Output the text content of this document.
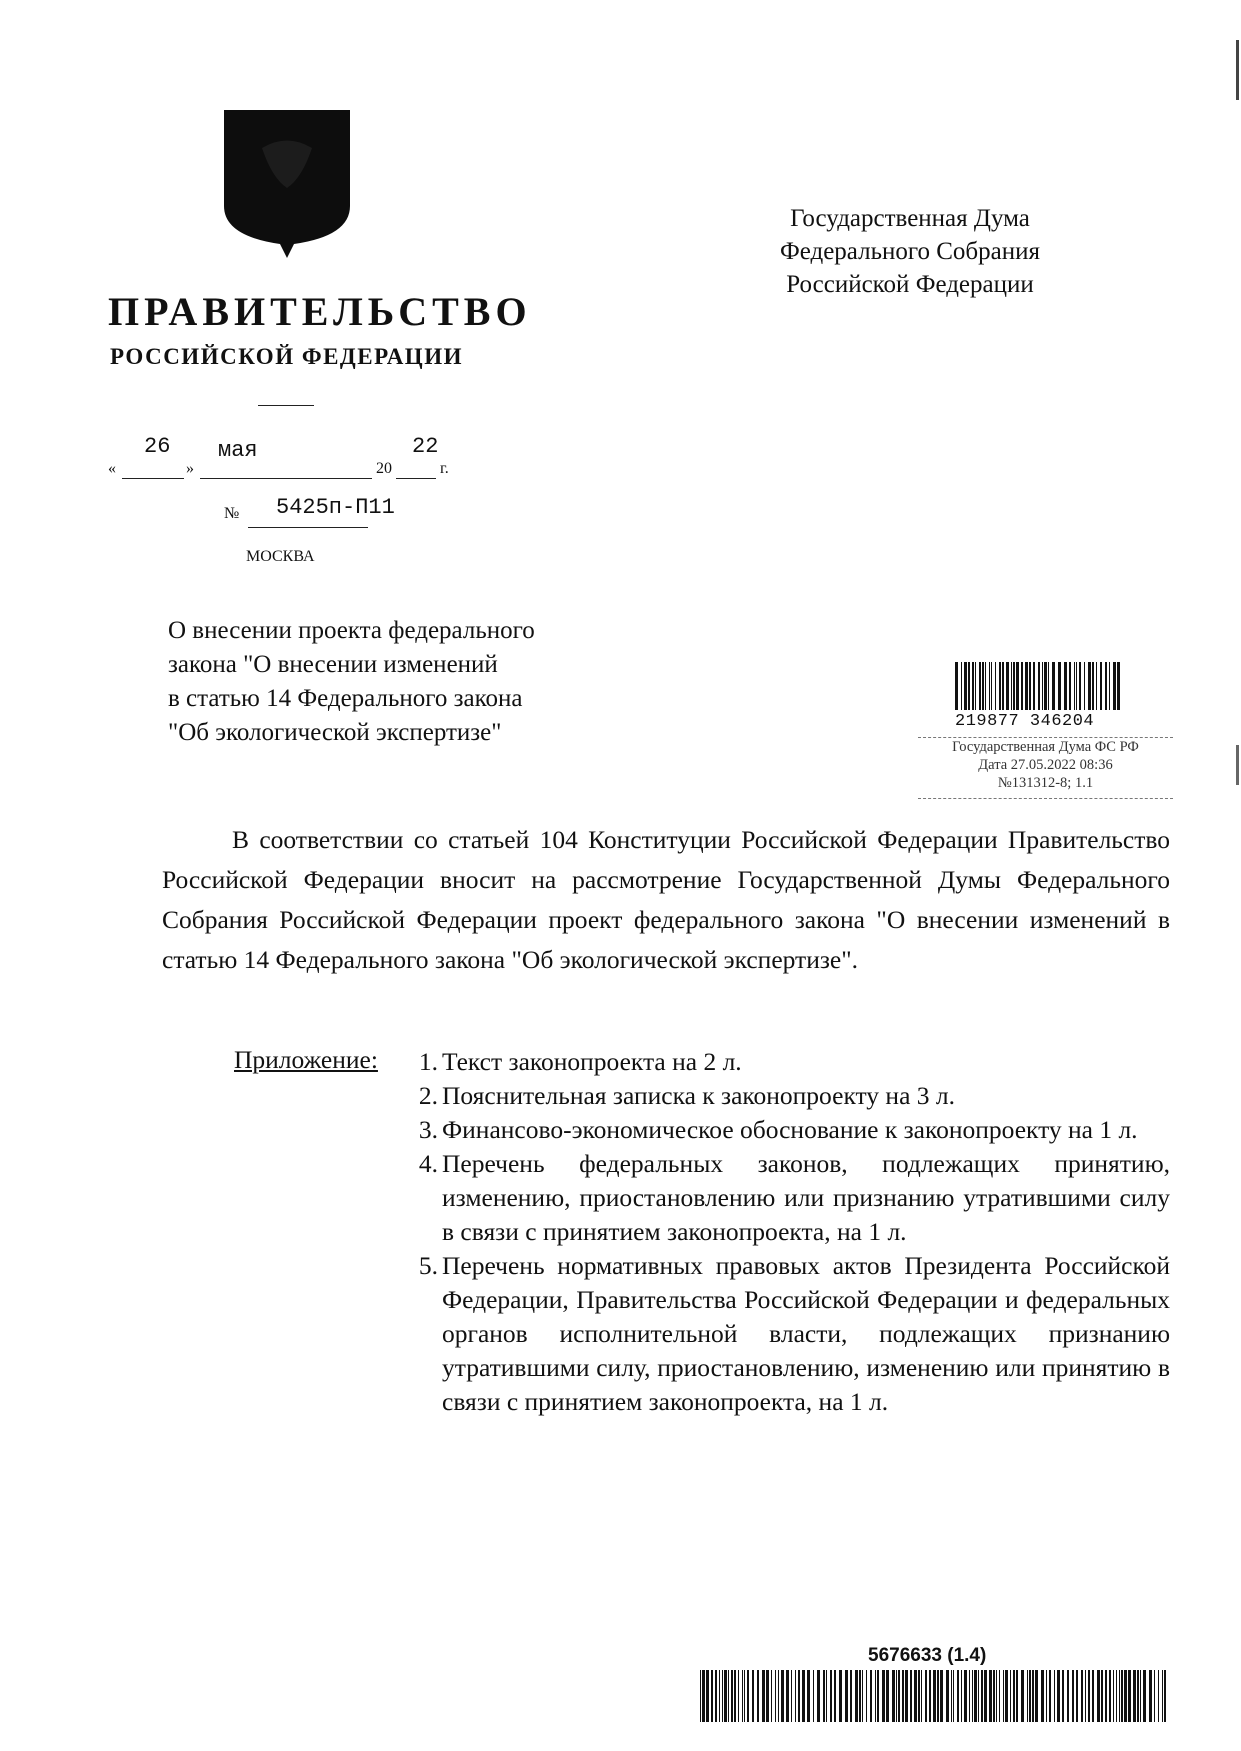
ПРАВИТЕЛЬСТВО
РОССИЙСКОЙ ФЕДЕРАЦИИ
«
26
»
мая
20
22
г.
№ 5425п-П11
МОСКВА
Государственная Дума
Федерального Собрания
Российской Федерации
О внесении проекта федерального
закона "О внесении изменений
в статью 14 Федерального закона
"Об экологической экспертизе"	219877 346204
Государственная Дума ФС РФ
Дата 27.05.2022 08:36
№131312-8; 1.1
В соответствии со статьей 104 Конституции Российской Федерации Правительство Российской Федерации вносит на рассмотрение Государственной Думы Федерального Собрания Российской Федерации проект федерального закона "О внесении изменений в статью 14 Федерального закона "Об экологической экспертизе".
Приложение:	1. Текст законопроекта на 2 л.
2. Пояснительная записка к законопроекту на 3 л.
3. Финансово-экономическое обоснование к законопроекту на 1 л.
4. Перечень федеральных законов, подлежащих принятию, изменению, приостановлению или признанию утратившими силу в связи с принятием законопроекта, на 1 л.
5. Перечень нормативных правовых актов Президента Российской Федерации, Правительства Российской Федерации и федеральных органов исполнительной власти, подлежащих признанию утратившими силу, приостановлению, изменению или принятию в связи с принятием законопроекта, на 1 л.
5676633 (1.4)
